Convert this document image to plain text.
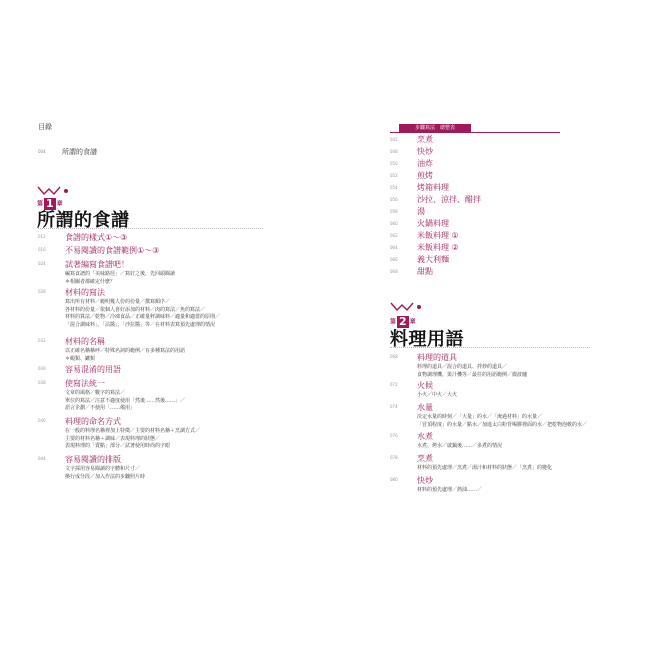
目錄
004 所謂的食譜
第 1 章
所謂的食譜
012	食譜的樣式①～③
016	不易閱讀的食譜範例①～③
024	試著編寫食譜吧！
編寫食譜的「美味路徑」／寫好之後，先回頭閱讀
＊相關者都確定什麼？
028	材料的寫法
寫出所有材料／範明幾人份的份量／撰寫順序／
各材料的份量／依個人喜好添加的材料／肉的寫法／魚的寫法／
材料的算法／乾物／冷凍食品／正確量秤調味料／適量和適當的原則／
「混合調味料」、「沾醬」、「沙拉醬」等／在材料表寫預先處理的情況
032	材料的名稱
以正確名稱稱呼／特殊名詞的範例／有多種寫法的用語
＊蝦類、罐類
036	容易混淆的用語
038	使寫法統一
文章的風格／數字的寫法／
單位的寫法／注意不適度使用「然後……然後……」／
語言企劃／不使用「……備用」
040	料理的命名方式
在一般的料理名稱裡加上特徵／主要的材料名稱＋烹調方式／
主要的材料名稱＋調味／表現料理的狀態／
表現料理的「賣點」部分／試著使用時尚的字眼
044	容易閱讀的排版
文字採用容易閱讀的字體和尺寸／
換行成分段／加入作法的步驟照片時
步驟寫法　總整表
042 烹煮
048 快炒
050 油炸
052 煎烤
054 烤箱料理
056 沙拉、涼拌、醋拌
058 湯
060 火鍋料理
062 米飯料理 ①
064 米飯料理 ②
066 義大利麵
068 甜點
第 2 章
料理用語
068	料理的道具
料理的道具／混合的道具、拌炒的道具／
食物調理機、果汁機等／最任的用語範例／微波爐
072	火候
小火／中火／大火
074	水量
決定水量的時刻／「大量」的水／「淹過材料」的水量／
「冒頂程度」的水量／點水／加進太白粉背喝膠裡面的水／把乾物泡軟的水／
076	水煮
水煮、烤水／啟鍋後……／多煮的情況
078	烹煮
材料的預先處理／烹煮／湯汁和材料的狀態／「烹煮」的變化
080	快炒
材料的預先處理／熱油……／
